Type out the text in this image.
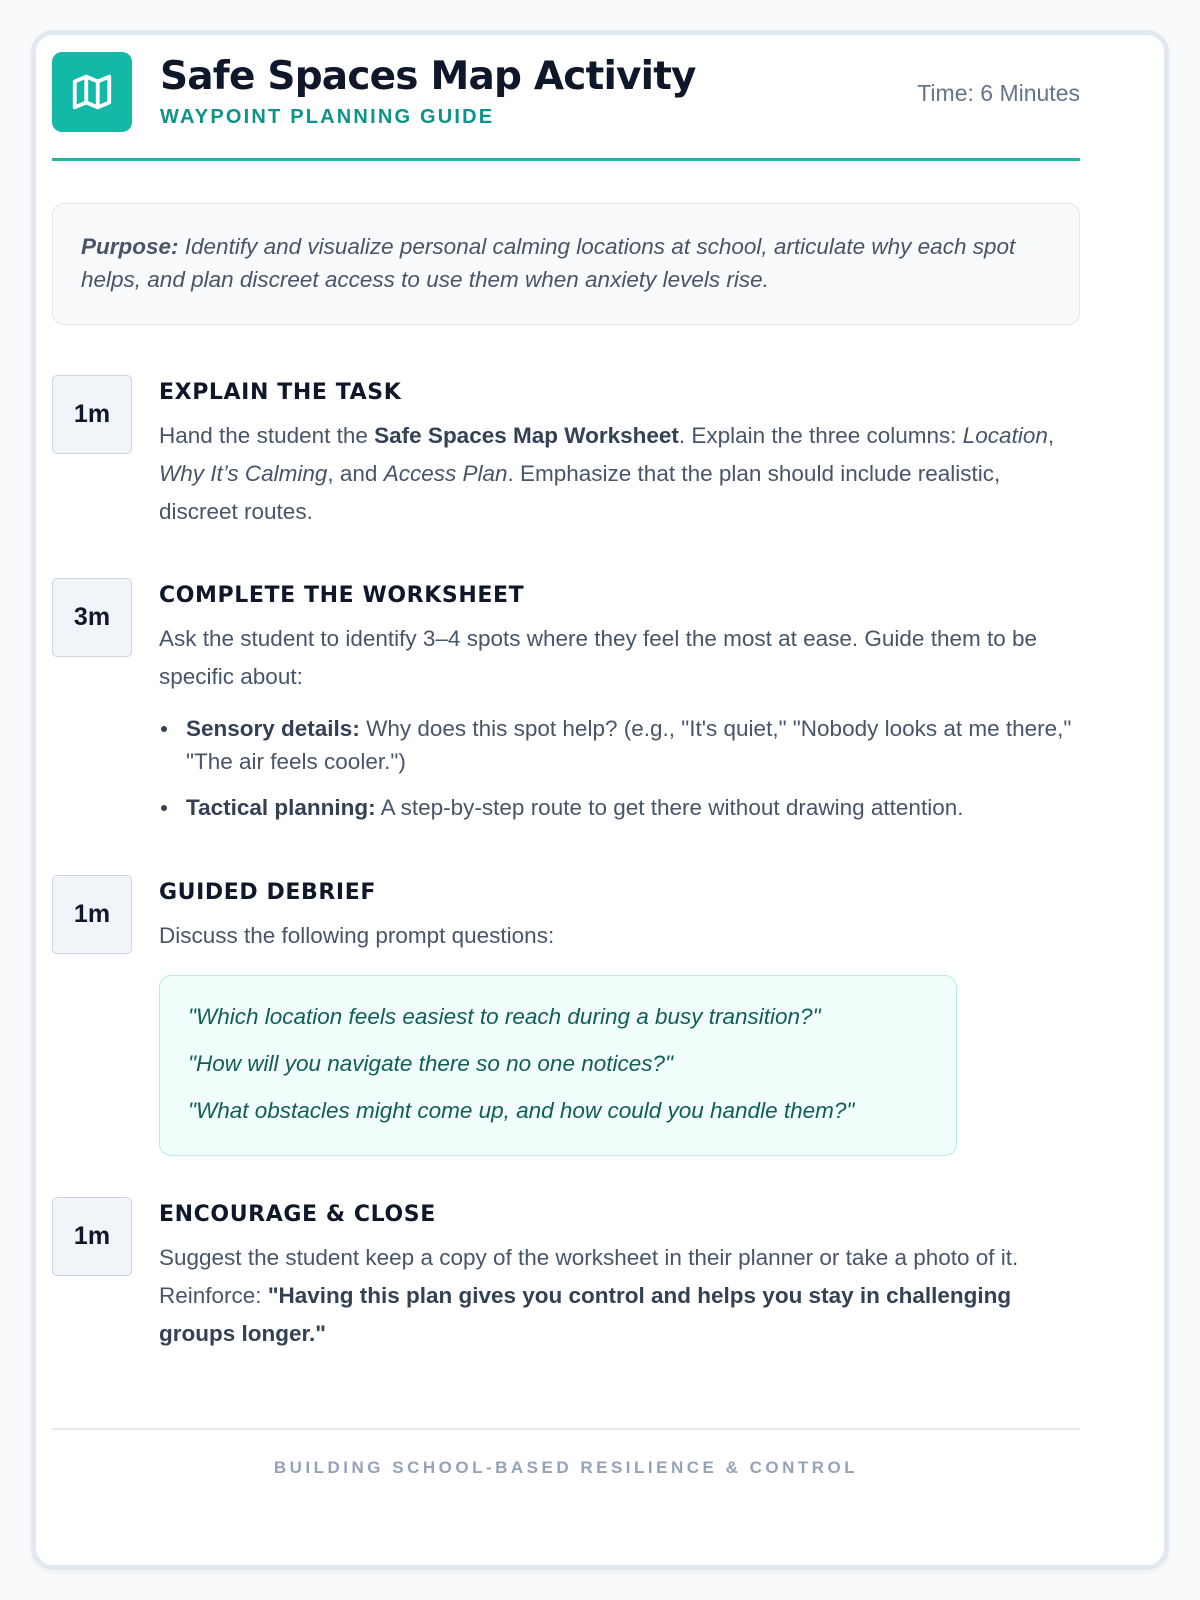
Safe Spaces Map Activity
WAYPOINT PLANNING GUIDE
Time: 6 Minutes
Purpose: Identify and visualize personal calming locations at school, articulate why each spot helps, and plan discreet access to use them when anxiety levels rise.
1m
EXPLAIN THE TASK
Hand the student the Safe Spaces Map Worksheet. Explain the three columns: Location, Why It’s Calming, and Access Plan. Emphasize that the plan should include realistic, discreet routes.
3m
COMPLETE THE WORKSHEET
Ask the student to identify 3–4 spots where they feel the most at ease. Guide them to be specific about:
Sensory details: Why does this spot help? (e.g., "It's quiet," "Nobody looks at me there," "The air feels cooler.")
Tactical planning: A step-by-step route to get there without drawing attention.
1m
GUIDED DEBRIEF
Discuss the following prompt questions:

"Which location feels easiest to reach during a busy transition?"

"How will you navigate there so no one notices?"

"What obstacles might come up, and how could you handle them?"

1m
ENCOURAGE & CLOSE
Suggest the student keep a copy of the worksheet in their planner or take a photo of it. Reinforce: "Having this plan gives you control and helps you stay in challenging groups longer."
BUILDING SCHOOL-BASED RESILIENCE & CONTROL
